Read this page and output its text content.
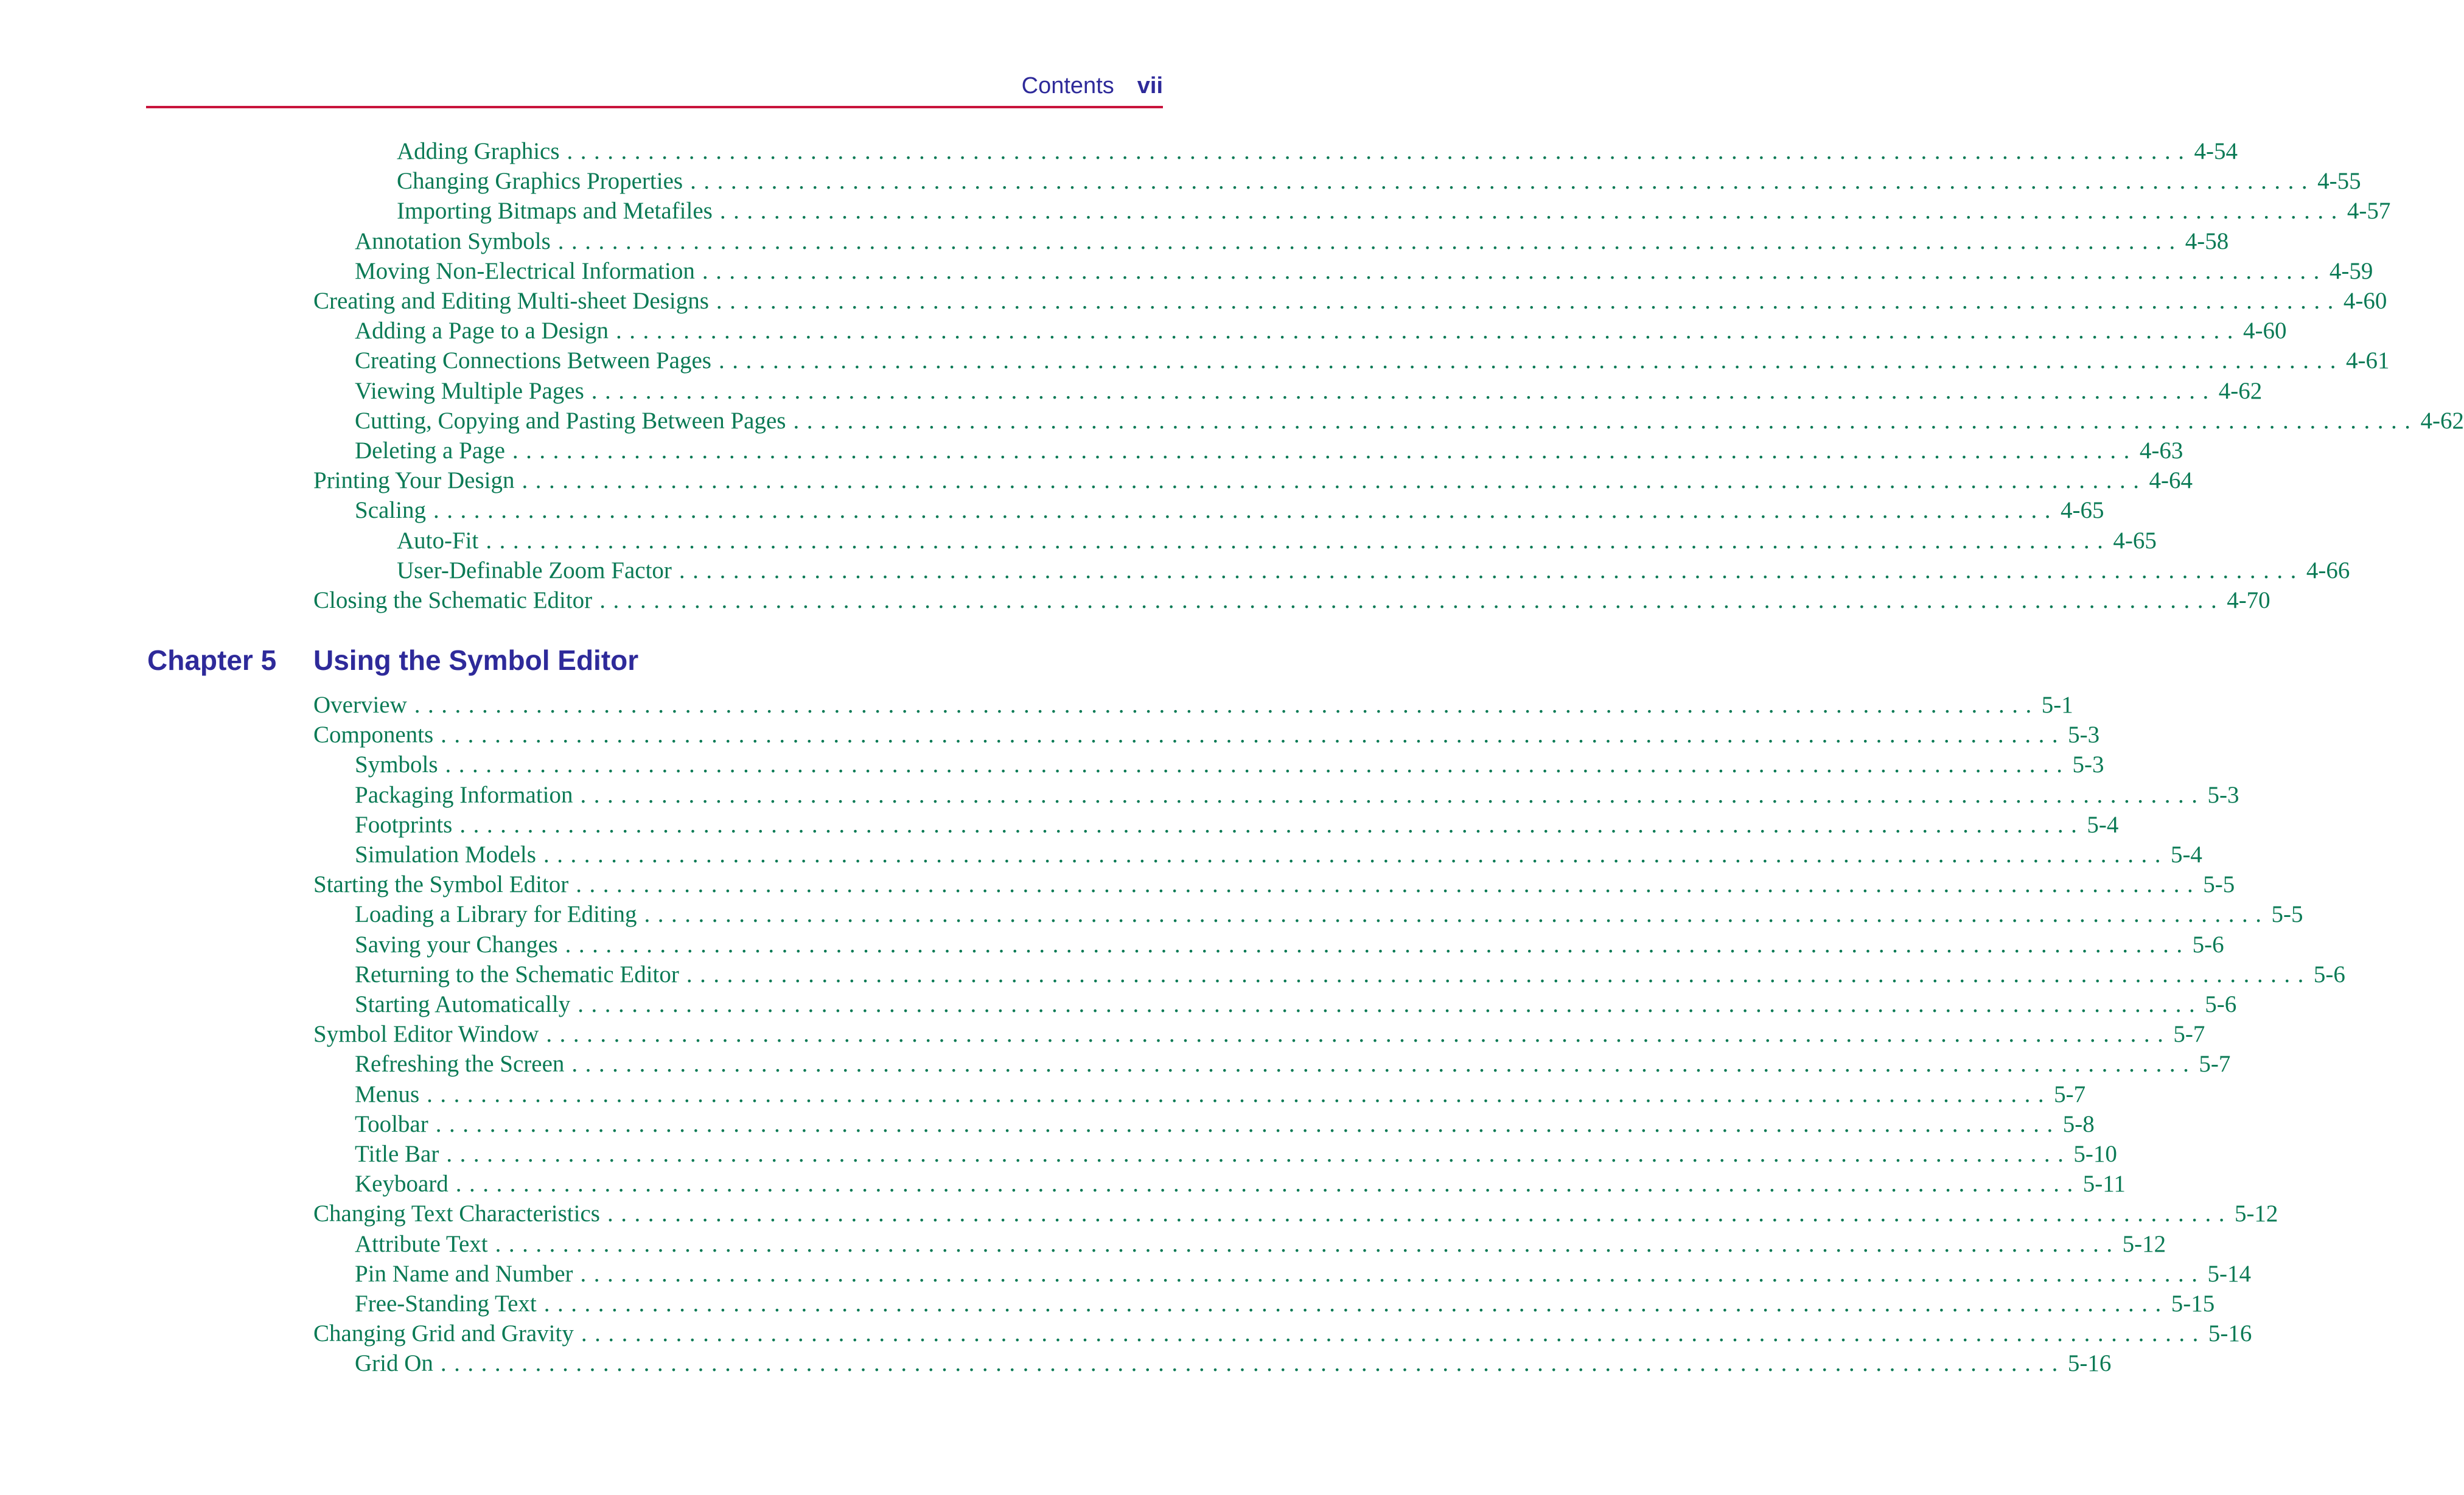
Contents vii
Adding Graphics ........................................................................................................................ 4-54
Changing Graphics Properties ........................................................................................................................ 4-55
Importing Bitmaps and Metafiles ........................................................................................................................ 4-57
Annotation Symbols ........................................................................................................................ 4-58
Moving Non-Electrical Information ........................................................................................................................ 4-59
Creating and Editing Multi-sheet Designs ........................................................................................................................ 4-60
Adding a Page to a Design ........................................................................................................................ 4-60
Creating Connections Between Pages ........................................................................................................................ 4-61
Viewing Multiple Pages ........................................................................................................................ 4-62
Cutting, Copying and Pasting Between Pages ........................................................................................................................ 4-62
Deleting a Page ........................................................................................................................ 4-63
Printing Your Design ........................................................................................................................ 4-64
Scaling ........................................................................................................................ 4-65
Auto-Fit ........................................................................................................................ 4-65
User-Definable Zoom Factor ........................................................................................................................ 4-66
Closing the Schematic Editor ........................................................................................................................ 4-70
Overview ........................................................................................................................ 5-1
Components ........................................................................................................................ 5-3
Symbols ........................................................................................................................ 5-3
Packaging Information ........................................................................................................................ 5-3
Footprints ........................................................................................................................ 5-4
Simulation Models ........................................................................................................................ 5-4
Starting the Symbol Editor ........................................................................................................................ 5-5
Loading a Library for Editing ........................................................................................................................ 5-5
Saving your Changes ........................................................................................................................ 5-6
Returning to the Schematic Editor ........................................................................................................................ 5-6
Starting Automatically ........................................................................................................................ 5-6
Symbol Editor Window ........................................................................................................................ 5-7
Refreshing the Screen ........................................................................................................................ 5-7
Menus ........................................................................................................................ 5-7
Toolbar ........................................................................................................................ 5-8
Title Bar ........................................................................................................................ 5-10
Keyboard ........................................................................................................................ 5-11
Changing Text Characteristics ........................................................................................................................ 5-12
Attribute Text ........................................................................................................................ 5-12
Pin Name and Number ........................................................................................................................ 5-14
Free-Standing Text ........................................................................................................................ 5-15
Changing Grid and Gravity ........................................................................................................................ 5-16
Grid On ........................................................................................................................ 5-16
Chapter 5 Using the Symbol Editor
